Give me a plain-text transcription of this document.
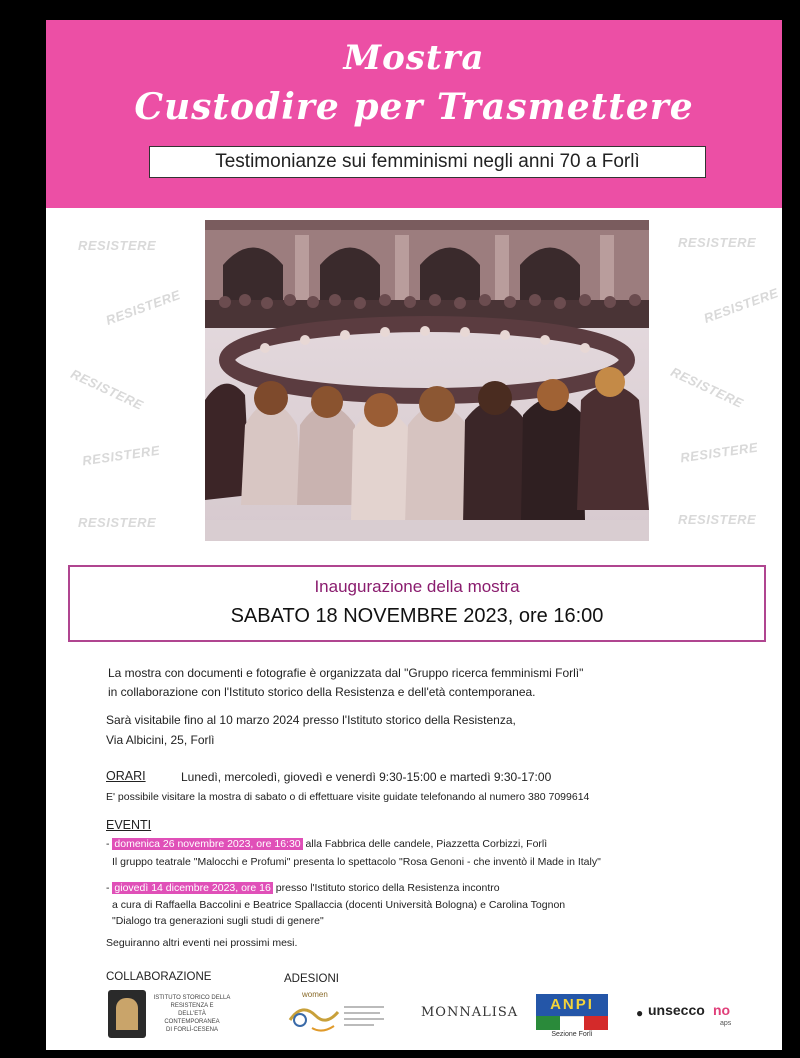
Mostra
Custodire per Trasmettere
Testimonianze sui femminismi negli anni 70 a Forlì
RESISTERE
RESISTERE
RESISTERE
RESISTERE
RESISTERE
RESISTERE
RESISTERE
RESISTERE
RESISTERE
RESISTERE
Inaugurazione della mostra
SABATO 18 NOVEMBRE 2023, ore 16:00
La mostra con documenti e fotografie è organizzata dal "Gruppo ricerca femminismi Forlì"
in collaborazione con l'Istituto storico della Resistenza e dell'età contemporanea.
Sarà visitabile fino al 10 marzo 2024 presso l'Istituto storico della Resistenza,
Via Albicini, 25, Forlì
ORARI	Lunedì, mercoledì, giovedì e venerdì 9:30-15:00 e martedì 9:30-17:00
E' possibile visitare la mostra di sabato o di effettuare visite guidate telefonando al numero 380 7099614
EVENTI
- domenica 26 novembre 2023, ore 16:30 alla Fabbrica delle candele, Piazzetta Corbizzi, Forlì
Il gruppo teatrale "Malocchi e Profumi" presenta lo spettacolo "Rosa Genoni - che inventò il Made in Italy"
- giovedì 14 dicembre 2023, ore 16 presso l'Istituto storico della Resistenza incontro
a cura di Raffaella Baccolini e Beatrice Spallaccia (docenti Università Bologna) e Carolina Tognon
"Dialogo tra generazioni sugli studi di genere"
Seguiranno altri eventi nei prossimi mesi.
COLLABORAZIONE	ADESIONI
ISTITUTO STORICO DELLA
RESISTENZA E
DELL'ETÀ CONTEMPORANEA
DI FORLÌ-CESENA
women
MONNALISA	ANPI
Sezione Forlì
● unsecco no
aps
